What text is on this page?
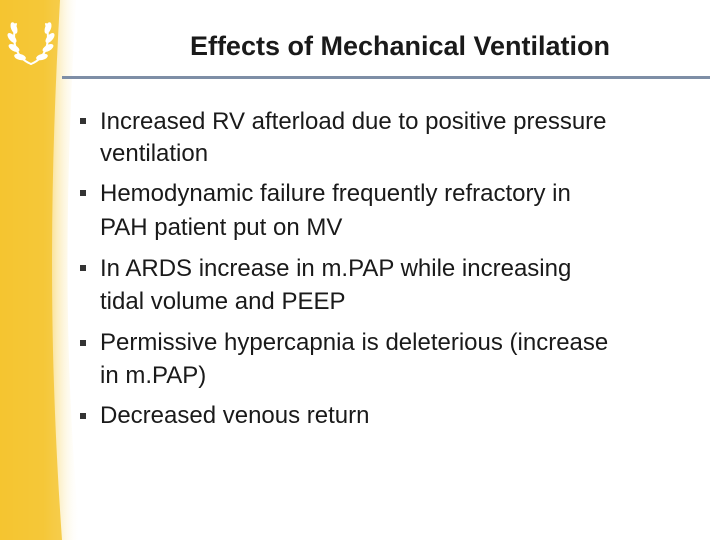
Effects of Mechanical Ventilation
Increased RV afterload due to positive pressure
ventilation
Hemodynamic failure frequently refractory in
PAH patient put on MV
In ARDS increase in m.PAP while increasing
tidal volume and PEEP
Permissive hypercapnia is deleterious (increase
in m.PAP)
Decreased venous return
